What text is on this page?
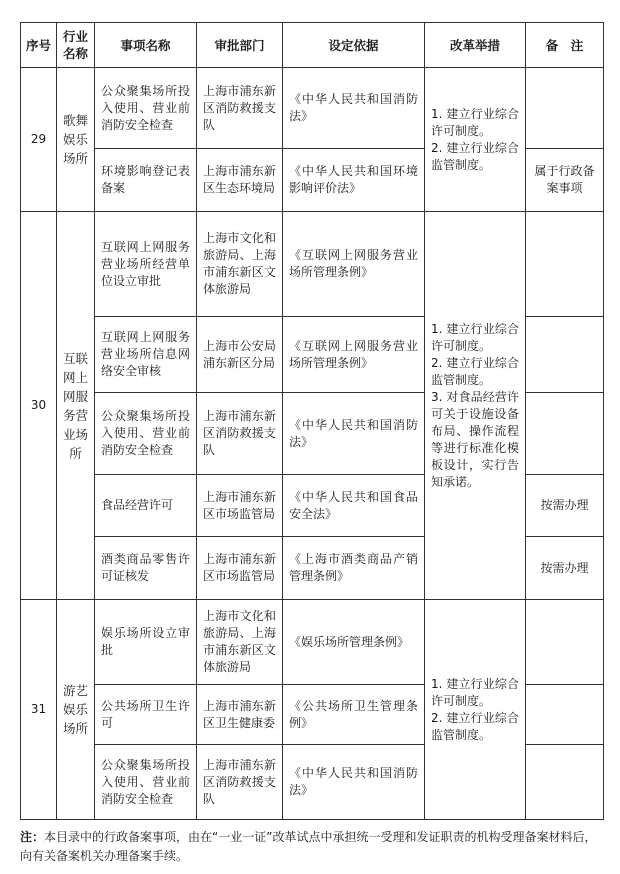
序号	行业名称	事项名称	审批部门	设定依据	改革举措	备　注
29	歌舞娱乐场所	公众聚集场所投入使用、营业前消防安全检查	上海市浦东新区消防救援支队	《中华人民共和国消防法》	1. 建立行业综合许可制度。
2. 建立行业综合监管制度。	

		环境影响登记表备案	上海市浦东新区生态环境局	《中华人民共和国环境影响评价法》		属于行政备案事项
30	互联网上网服务营业场所	互联网上网服务营业场所经营单位设立审批	上海市文化和旅游局、上海市浦东新区文体旅游局	《互联网上网服务营业场所管理条例》	1. 建立行业综合许可制度。
2. 建立行业综合监管制度。
3. 对食品经营许可关于设施设备布局、操作流程等进行标准化模板设计，实行告知承诺。	

		互联网上网服务营业场所信息网络安全审核	上海市公安局浦东新区分局	《互联网上网服务营业场所管理条例》		
		公众聚集场所投入使用、营业前消防安全检查	上海市浦东新区消防救援支队	《中华人民共和国消防法》		
		食品经营许可	上海市浦东新区市场监管局	《中华人民共和国食品安全法》		按需办理
		酒类商品零售许可证核发	上海市浦东新区市场监管局	《上海市酒类商品产销管理条例》		按需办理
31	游艺娱乐场所	娱乐场所设立审批	上海市文化和旅游局、上海市浦东新区文体旅游局	《娱乐场所管理条例》	1. 建立行业综合许可制度。
2. 建立行业综合监管制度。	

		公共场所卫生许可	上海市浦东新区卫生健康委	《公共场所卫生管理条例》		
		公众聚集场所投入使用、营业前消防安全检查	上海市浦东新区消防救援支队	《中华人民共和国消防法》		
注：本目录中的行政备案事项，由在“一业一证”改革试点中承担统一受理和发证职责的机构受理备案材料后，向有关备案机关办理备案手续。
